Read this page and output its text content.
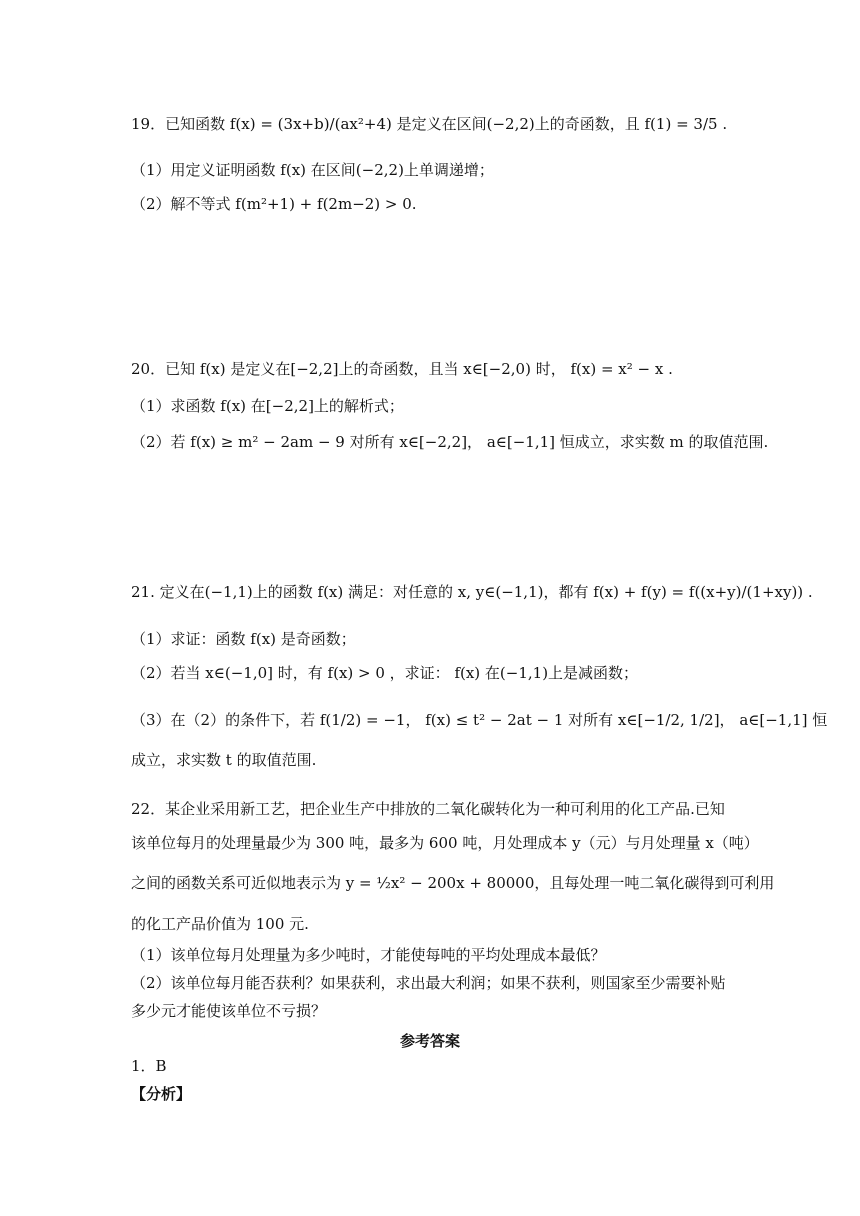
19．已知函数 f(x) = (3x+b)/(ax²+4) 是定义在区间(−2,2)上的奇函数，且 f(1) = 3/5 .
（1）用定义证明函数 f(x) 在区间(−2,2)上单调递增；
（2）解不等式 f(m²+1) + f(2m−2) > 0.
20．已知 f(x) 是定义在[−2,2]上的奇函数，且当 x∈[−2,0) 时， f(x) = x² − x .
（1）求函数 f(x) 在[−2,2]上的解析式；
（2）若 f(x) ≥ m² − 2am − 9 对所有 x∈[−2,2]， a∈[−1,1] 恒成立，求实数 m 的取值范围.
21. 定义在(−1,1)上的函数 f(x) 满足：对任意的 x, y∈(−1,1)，都有 f(x) + f(y) = f((x+y)/(1+xy)) .
（1）求证：函数 f(x) 是奇函数；
（2）若当 x∈(−1,0] 时，有 f(x) > 0 ，求证： f(x) 在(−1,1)上是减函数；
（3）在（2）的条件下，若 f(1/2) = −1， f(x) ≤ t² − 2at − 1 对所有 x∈[−1/2, 1/2]， a∈[−1,1] 恒
成立，求实数 t 的取值范围.
22．某企业采用新工艺，把企业生产中排放的二氧化碳转化为一种可利用的化工产品.已知
该单位每月的处理量最少为 300 吨，最多为 600 吨，月处理成本 y（元）与月处理量 x（吨）
之间的函数关系可近似地表示为 y = ½x² − 200x + 80000，且每处理一吨二氧化碳得到可利用
的化工产品价值为 100 元.
（1）该单位每月处理量为多少吨时，才能使每吨的平均处理成本最低？
（2）该单位每月能否获利？如果获利，求出最大利润；如果不获利，则国家至少需要补贴
多少元才能使该单位不亏损？
参考答案
1．B
【分析】
